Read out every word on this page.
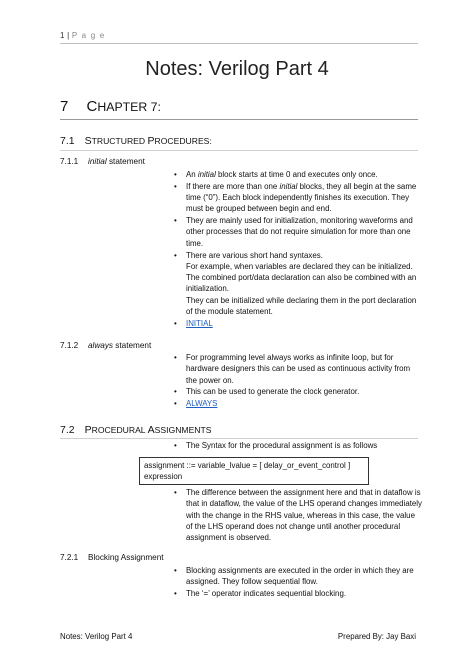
1 | P a g e
Notes: Verilog Part 4
7 CHAPTER 7:
7.1 STRUCTURED PROCEDURES:
7.1.1 initial statement
• An initial block starts at time 0 and executes only once.
• If there are more than one initial blocks, they all begin at the same time (“0”). Each block independently finishes its execution. They must be grouped between begin and end.
• They are mainly used for initialization, monitoring waveforms and other processes that do not require simulation for more than one time.
• There are various short hand syntaxes.
For example, when variables are declared they can be initialized. The combined port/data declaration can also be combined with an initialization.
They can be initialized while declaring them in the port declaration of the module statement.
• INITIAL
7.1.2 always statement
• For programming level always works as infinite loop, but for hardware designers this can be used as continuous activity from the power on.
• This can be used to generate the clock generator.
• ALWAYS
7.2 PROCEDURAL ASSIGNMENTS
• The Syntax for the procedural assignment is as follows
assignment ::= variable_lvalue = [ delay_or_event_control ]
expression
• The difference between the assignment here and that in dataflow is that in dataflow, the value of the LHS operand changes immediately with the change in the RHS value, whereas in this case, the value of the LHS operand does not change until another procedural assignment is observed.
7.2.1 Blocking Assignment
• Blocking assignments are executed in the order in which they are assigned. They follow sequential flow.
• The ‘=’ operator indicates sequential blocking.
Notes: Verilog Part 4	Prepared By: Jay Baxi
